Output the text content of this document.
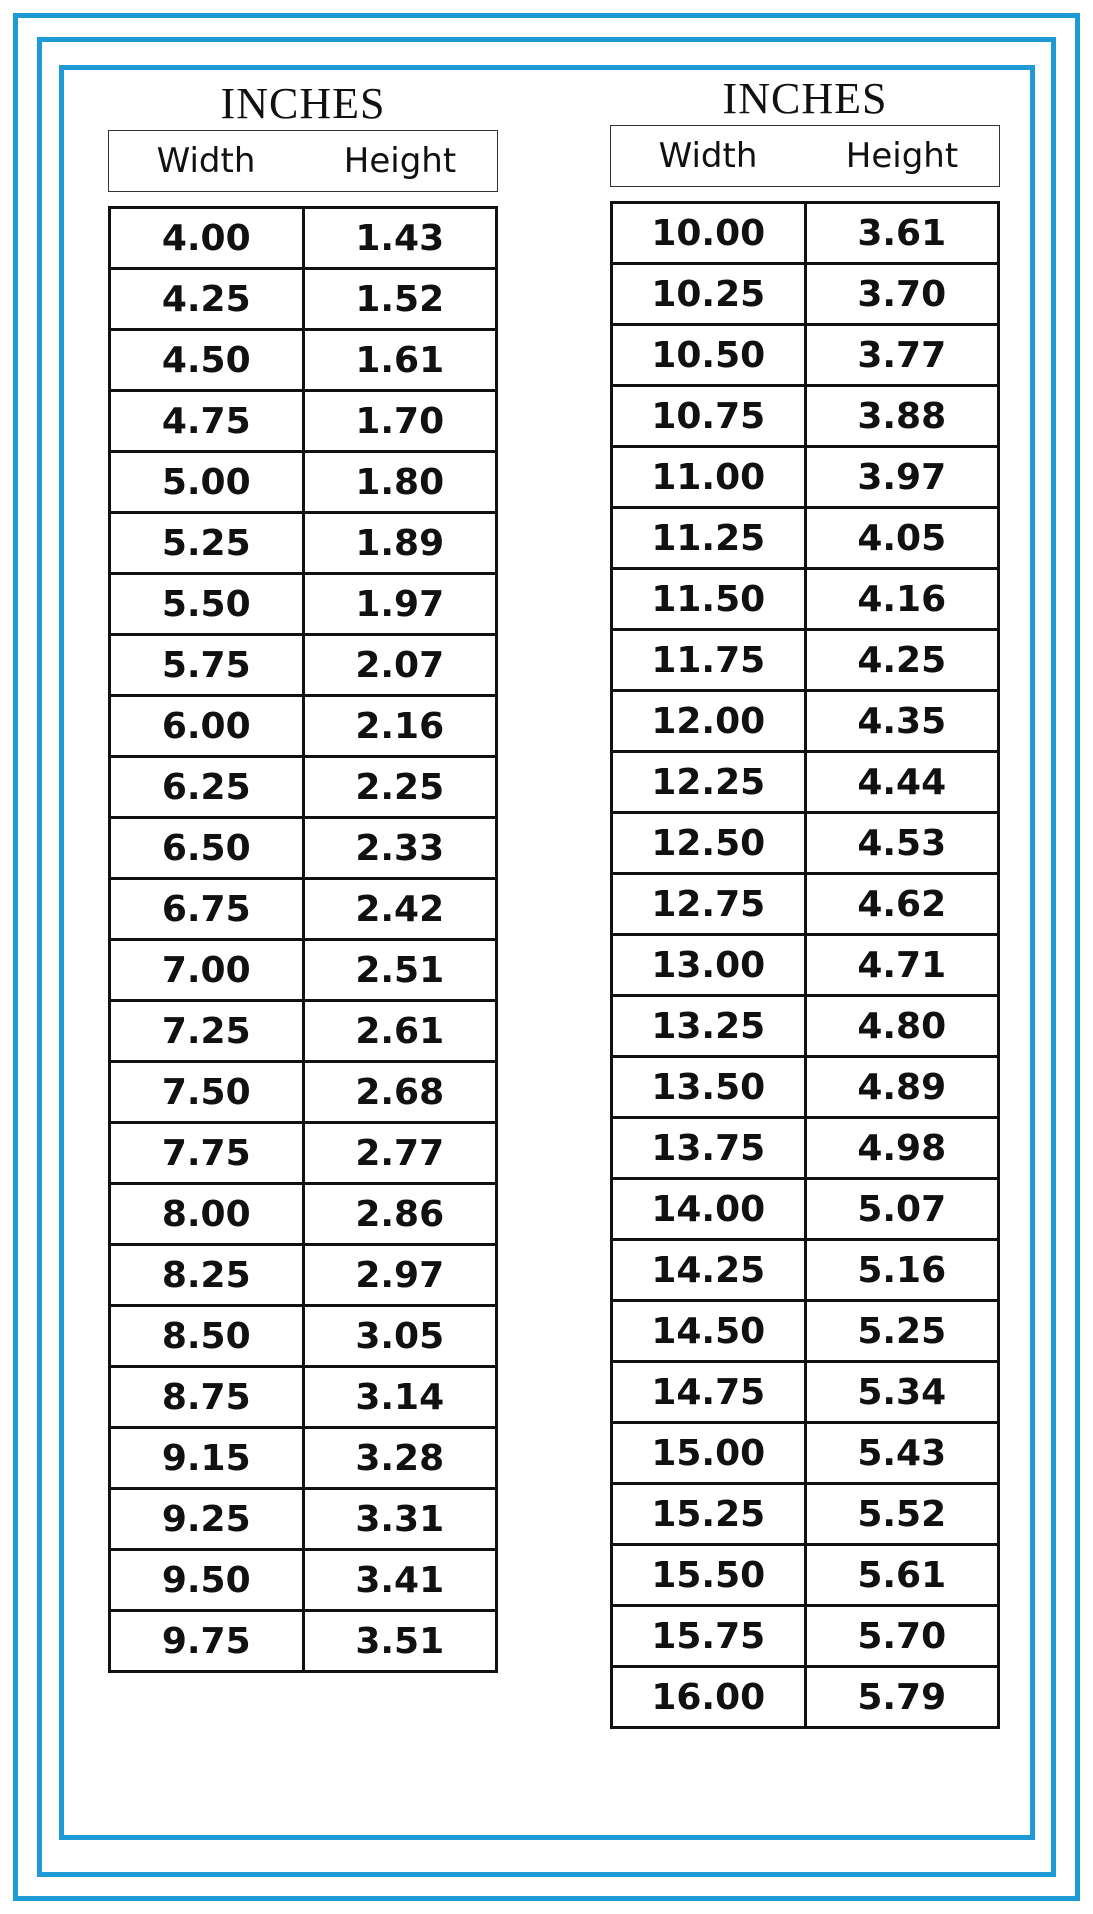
INCHES
Width	Height
4.00	1.43
4.25	1.52
4.50	1.61
4.75	1.70
5.00	1.80
5.25	1.89
5.50	1.97
5.75	2.07
6.00	2.16
6.25	2.25
6.50	2.33
6.75	2.42
7.00	2.51
7.25	2.61
7.50	2.68
7.75	2.77
8.00	2.86
8.25	2.97
8.50	3.05
8.75	3.14
9.15	3.28
9.25	3.31
9.50	3.41
9.75	3.51
INCHES
Width	Height
10.00	3.61
10.25	3.70
10.50	3.77
10.75	3.88
11.00	3.97
11.25	4.05
11.50	4.16
11.75	4.25
12.00	4.35
12.25	4.44
12.50	4.53
12.75	4.62
13.00	4.71
13.25	4.80
13.50	4.89
13.75	4.98
14.00	5.07
14.25	5.16
14.50	5.25
14.75	5.34
15.00	5.43
15.25	5.52
15.50	5.61
15.75	5.70
16.00	5.79
